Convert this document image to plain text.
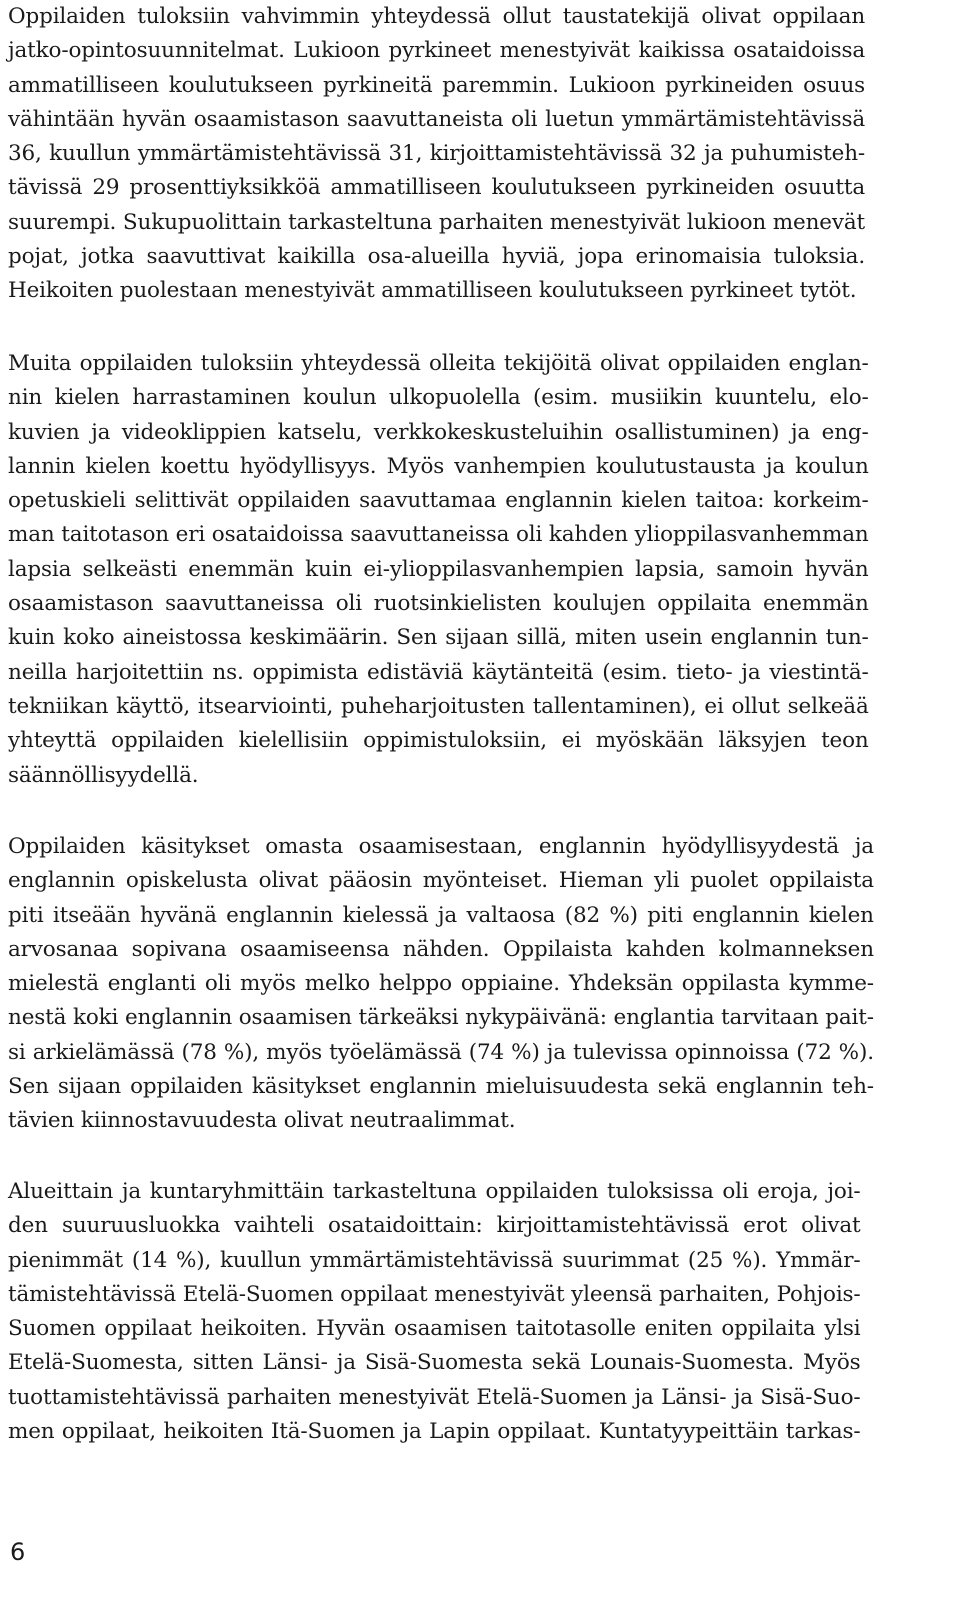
Oppilaiden tuloksiin vahvimmin yhteydessä ollut taustatekijä olivat oppilaan
jatko-opintosuunnitelmat. Lukioon pyrkineet menestyivät kaikissa osataidoissa
ammatilliseen koulutukseen pyrkineitä paremmin. Lukioon pyrkineiden osuus
vähintään hyvän osaamistason saavuttaneista oli luetun ymmärtämistehtävissä
36, kuullun ymmärtämistehtävissä 31, kirjoittamistehtävissä 32 ja puhumisteh-
tävissä 29 prosenttiyksikköä ammatilliseen koulutukseen pyrkineiden osuutta
suurempi. Sukupuolittain tarkasteltuna parhaiten menestyivät lukioon menevät
pojat, jotka saavuttivat kaikilla osa-alueilla hyviä, jopa erinomaisia tuloksia.
Heikoiten puolestaan menestyivät ammatilliseen koulutukseen pyrkineet tytöt.

Muita oppilaiden tuloksiin yhteydessä olleita tekijöitä olivat oppilaiden englan-
nin kielen harrastaminen koulun ulkopuolella (esim. musiikin kuuntelu, elo-
kuvien ja videoklippien katselu, verkkokeskusteluihin osallistuminen) ja eng-
lannin kielen koettu hyödyllisyys. Myös vanhempien koulutustausta ja koulun
opetuskieli selittivät oppilaiden saavuttamaa englannin kielen taitoa: korkeim-
man taitotason eri osataidoissa saavuttaneissa oli kahden ylioppilasvanhemman
lapsia selkeästi enemmän kuin ei-ylioppilasvanhempien lapsia, samoin hyvän
osaamistason saavuttaneissa oli ruotsinkielisten koulujen oppilaita enemmän
kuin koko aineistossa keskimäärin. Sen sijaan sillä, miten usein englannin tun-
neilla harjoitettiin ns. oppimista edistäviä käytänteitä (esim. tieto- ja viestintä-
tekniikan käyttö, itsearviointi, puheharjoitusten tallentaminen), ei ollut selkeää
yhteyttä oppilaiden kielellisiin oppimistuloksiin, ei myöskään läksyjen teon
säännöllisyydellä.

Oppilaiden käsitykset omasta osaamisestaan, englannin hyödyllisyydestä ja
englannin opiskelusta olivat pääosin myönteiset. Hieman yli puolet oppilaista
piti itseään hyvänä englannin kielessä ja valtaosa (82 %) piti englannin kielen
arvosanaa sopivana osaamiseensa nähden. Oppilaista kahden kolmanneksen
mielestä englanti oli myös melko helppo oppiaine. Yhdeksän oppilasta kymme-
nestä koki englannin osaamisen tärkeäksi nykypäivänä: englantia tarvitaan pait-
si arkielämässä (78 %), myös työelämässä (74 %) ja tulevissa opinnoissa (72 %).
Sen sijaan oppilaiden käsitykset englannin mieluisuudesta sekä englannin teh-
tävien kiinnostavuudesta olivat neutraalimmat.

Alueittain ja kuntaryhmittäin tarkasteltuna oppilaiden tuloksissa oli eroja, joi-
den suuruusluokka vaihteli osataidoittain: kirjoittamistehtävissä erot olivat
pienimmät (14 %), kuullun ymmärtämistehtävissä suurimmat (25 %). Ymmär-
tämistehtävissä Etelä-Suomen oppilaat menestyivät yleensä parhaiten, Pohjois-
Suomen oppilaat heikoiten. Hyvän osaamisen taitotasolle eniten oppilaita ylsi
Etelä-Suomesta, sitten Länsi- ja Sisä-Suomesta sekä Lounais-Suomesta. Myös
tuottamistehtävissä parhaiten menestyivät Etelä-Suomen ja Länsi- ja Sisä-Suo-
men oppilaat, heikoiten Itä-Suomen ja Lapin oppilaat. Kuntatyypeittäin tarkas-

6
